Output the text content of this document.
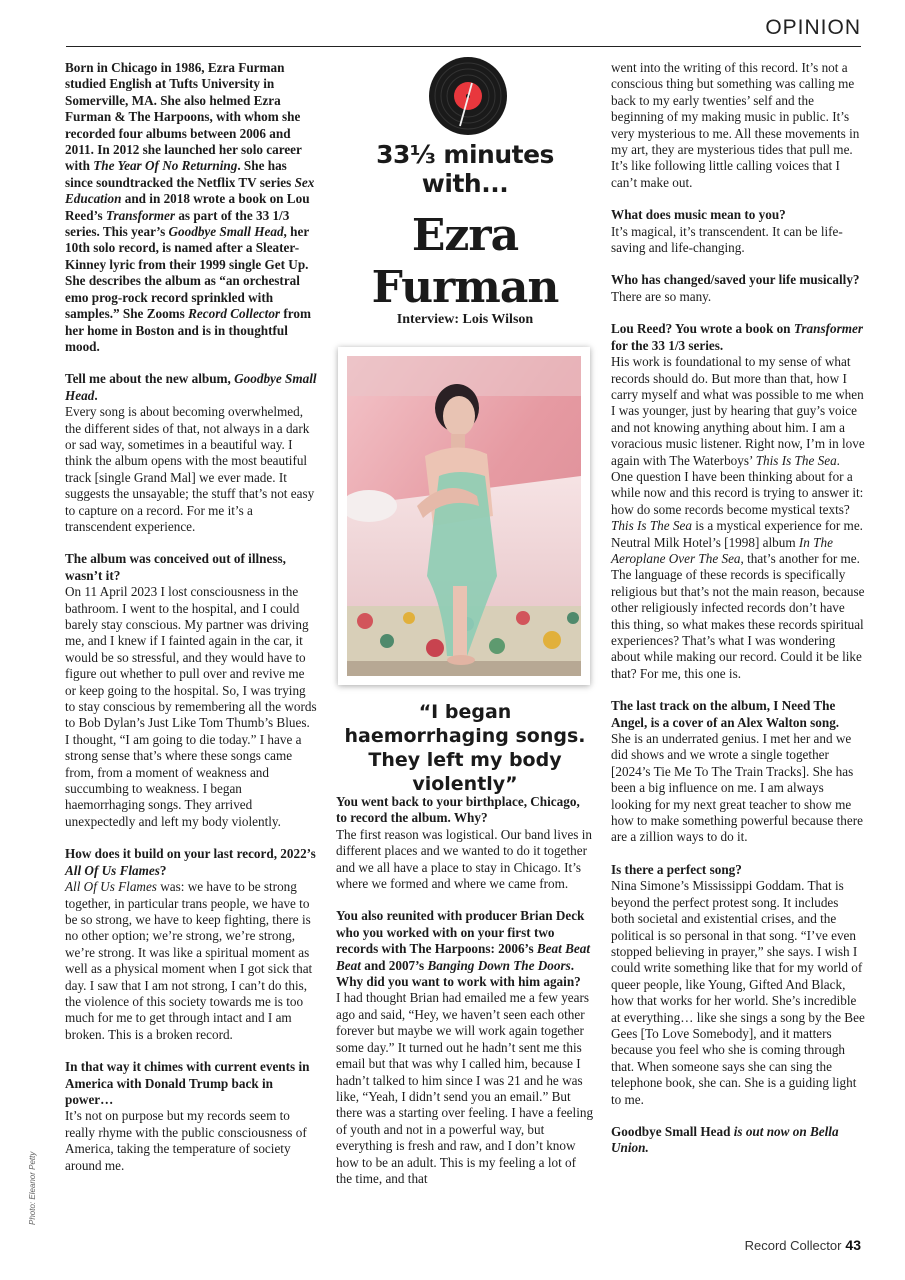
OPINION

Born in Chicago in 1986, Ezra Furman studied English at Tufts University in Somerville, MA. She also helmed Ezra Furman & The Harpoons, with whom she recorded four albums between 2006 and 2011. In 2012 she launched her solo career with The Year Of No Returning. She has since soundtracked the Netflix TV series Sex Education and in 2018 wrote a book on Lou Reed’s Transformer as part of the 33 1/3 series. This year’s Goodbye Small Head, her 10th solo record, is named after a Sleater-Kinney lyric from their 1999 single Get Up. She describes the album as “an orchestral emo prog-rock record sprinkled with samples.” She Zooms Record Collector from her home in Boston and is in thoughtful mood.

Tell me about the new album, Goodbye Small Head.
Every song is about becoming overwhelmed, the different sides of that, not always in a dark or sad way, sometimes in a beautiful way. I think the album opens with the most beautiful track [single Grand Mal] we ever made. It suggests the unsayable; the stuff that’s not easy to capture on a record. For me it’s a transcendent experience.

The album was conceived out of illness, wasn’t it?
On 11 April 2023 I lost consciousness in the bathroom. I went to the hospital, and I could barely stay conscious. My partner was driving me, and I knew if I fainted again in the car, it would be so stressful, and they would have to figure out whether to pull over and revive me or keep going to the hospital. So, I was trying to stay conscious by remembering all the words to Bob Dylan’s Just Like Tom Thumb’s Blues. I thought, “I am going to die today.” I have a strong sense that’s where these songs came from, from a moment of weakness and succumbing to weakness. I began haemorrhaging songs. They arrived unexpectedly and left my body violently.

How does it build on your last record, 2022’s All Of Us Flames?
All Of Us Flames was: we have to be strong together, in particular trans people, we have to be so strong, we have to keep fighting, there is no other option; we’re strong, we’re strong, we’re strong. It was like a spiritual moment as well as a physical moment when I got sick that day. I saw that I am not strong, I can’t do this, the violence of this society towards me is too much for me to get through intact and I am broken. This is a broken record.

In that way it chimes with current events in America with Donald Trump back in power…
It’s not on purpose but my records seem to really rhyme with the public consciousness of America, taking the temperature of society around me.

33⅓ minutes
with...
Ezra
Furman
Interview: Lois Wilson
“I began haemorrhaging songs. They left my body violently”

You went back to your birthplace, Chicago, to record the album. Why?
The first reason was logistical. Our band lives in different places and we wanted to do it together and we all have a place to stay in Chicago. It’s where we formed and where we came from.

You also reunited with producer Brian Deck who you worked with on your first two records with The Harpoons: 2006’s Beat Beat Beat and 2007’s Banging Down The Doors. Why did you want to work with him again?
I had thought Brian had emailed me a few years ago and said, “Hey, we haven’t seen each other forever but maybe we will work again together some day.” It turned out he hadn’t sent me this email but that was why I called him, because I hadn’t talked to him since I was 21 and he was like, “Yeah, I didn’t send you an email.” But there was a starting over feeling. I have a feeling of youth and not in a powerful way, but everything is fresh and raw, and I don’t know how to be an adult. This is my feeling a lot of the time, and that

went into the writing of this record. It’s not a conscious thing but something was calling me back to my early twenties’ self and the beginning of my making music in public. It’s very mysterious to me. All these movements in my art, they are mysterious tides that pull me. It’s like following little calling voices that I can’t make out.

What does music mean to you?
It’s magical, it’s transcendent. It can be life-saving and life-changing.

Who has changed/saved your life musically?
There are so many.

Lou Reed? You wrote a book on Transformer for the 33 1/3 series.
His work is foundational to my sense of what records should do. But more than that, how I carry myself and what was possible to me when I was younger, just by hearing that guy’s voice and not knowing anything about him. I am a voracious music listener. Right now, I’m in love again with The Waterboys’ This Is The Sea. One question I have been thinking about for a while now and this record is trying to answer it: how do some records become mystical texts? This Is The Sea is a mystical experience for me. Neutral Milk Hotel’s [1998] album In The Aeroplane Over The Sea, that’s another for me. The language of these records is specifically religious but that’s not the main reason, because other religiously infected records don’t have this thing, so what makes these records spiritual experiences? That’s what I was wondering about while making our record. Could it be like that? For me, this one is.

The last track on the album, I Need The Angel, is a cover of an Alex Walton song.
She is an underrated genius. I met her and we did shows and we wrote a single together [2024’s Tie Me To The Train Tracks]. She has been a big influence on me. I am always looking for my next great teacher to show me how to make something powerful because there are a zillion ways to do it.

Is there a perfect song?
Nina Simone’s Mississippi Goddam. That is beyond the perfect protest song. It includes both societal and existential crises, and the political is so personal in that song. “I’ve even stopped believing in prayer,” she says. I wish I could write something like that for my world of queer people, like Young, Gifted And Black, how that works for her world. She’s incredible at everything… like she sings a song by the Bee Gees [To Love Somebody], and it matters because you feel who she is coming through that. When someone says she can sing the telephone book, she can. She is a guiding light to me.

Goodbye Small Head is out now on Bella Union.

Photo: Eleanor Petty
Record Collector 43
